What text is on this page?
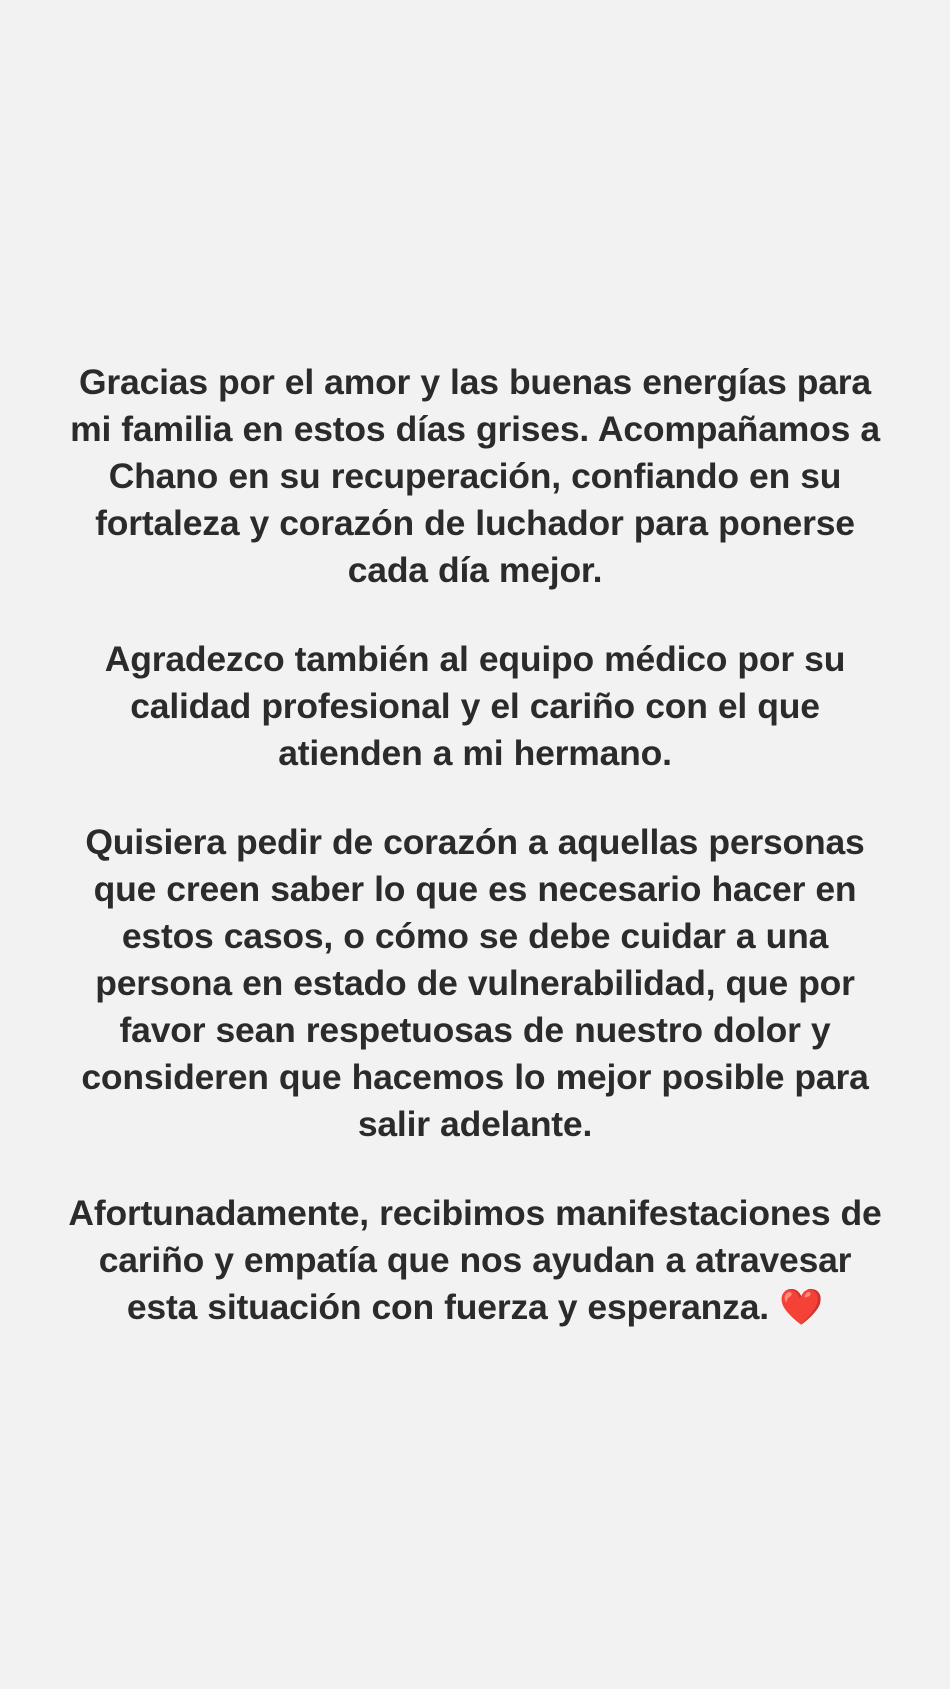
Gracias por el amor y las buenas energías para mi familia en estos días grises. Acompañamos a Chano en su recuperación, confiando en su fortaleza y corazón de luchador para ponerse cada día mejor.

Agradezco también al equipo médico por su calidad profesional y el cariño con el que atienden a mi hermano.

Quisiera pedir de corazón a aquellas personas que creen saber lo que es necesario hacer en estos casos, o cómo se debe cuidar a una persona en estado de vulnerabilidad, que por favor sean respetuosas de nuestro dolor y consideren que hacemos lo mejor posible para salir adelante.

Afortunadamente, recibimos manifestaciones de cariño y empatía que nos ayudan a atravesar esta situación con fuerza y esperanza. ❤️
